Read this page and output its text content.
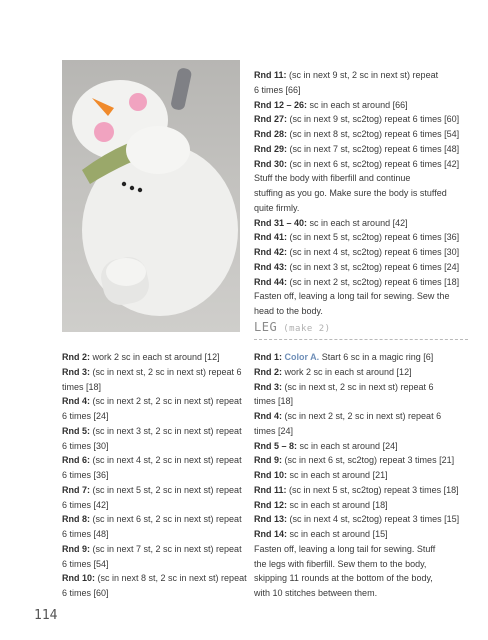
Rnd 11: (sc in next 9 st, 2 sc in next st) repeat
6 times [66]
Rnd 12 – 26: sc in each st around [66]
Rnd 27: (sc in next 9 st, sc2tog) repeat 6 times [60]
Rnd 28: (sc in next 8 st, sc2tog) repeat 6 times [54]
Rnd 29: (sc in next 7 st, sc2tog) repeat 6 times [48]
Rnd 30: (sc in next 6 st, sc2tog) repeat 6 times [42]
Stuff the body with fiberfill and continue
stuffing as you go. Make sure the body is stuffed
quite firmly.
Rnd 31 – 40: sc in each st around [42]
Rnd 41: (sc in next 5 st, sc2tog) repeat 6 times [36]
Rnd 42: (sc in next 4 st, sc2tog) repeat 6 times [30]
Rnd 43: (sc in next 3 st, sc2tog) repeat 6 times [24]
Rnd 44: (sc in next 2 st, sc2tog) repeat 6 times [18]
Fasten off, leaving a long tail for sewing. Sew the
head to the body.
LEG (make 2)
Rnd 2: work 2 sc in each st around [12]
Rnd 3: (sc in next st, 2 sc in next st) repeat 6
times [18]
Rnd 4: (sc in next 2 st, 2 sc in next st) repeat
6 times [24]
Rnd 5: (sc in next 3 st, 2 sc in next st) repeat
6 times [30]
Rnd 6: (sc in next 4 st, 2 sc in next st) repeat
6 times [36]
Rnd 7: (sc in next 5 st, 2 sc in next st) repeat
6 times [42]
Rnd 8: (sc in next 6 st, 2 sc in next st) repeat
6 times [48]
Rnd 9: (sc in next 7 st, 2 sc in next st) repeat
6 times [54]
Rnd 10: (sc in next 8 st, 2 sc in next st) repeat
6 times [60]
Rnd 1: Color A. Start 6 sc in a magic ring [6]
Rnd 2: work 2 sc in each st around [12]
Rnd 3: (sc in next st, 2 sc in next st) repeat 6
times [18]
Rnd 4: (sc in next 2 st, 2 sc in next st) repeat 6
times [24]
Rnd 5 – 8: sc in each st around [24]
Rnd 9: (sc in next 6 st, sc2tog) repeat 3 times [21]
Rnd 10: sc in each st around [21]
Rnd 11: (sc in next 5 st, sc2tog) repeat 3 times [18]
Rnd 12: sc in each st around [18]
Rnd 13: (sc in next 4 st, sc2tog) repeat 3 times [15]
Rnd 14: sc in each st around [15]
Fasten off, leaving a long tail for sewing. Stuff
the legs with fiberfill. Sew them to the body,
skipping 11 rounds at the bottom of the body,
with 10 stitches between them.
114
